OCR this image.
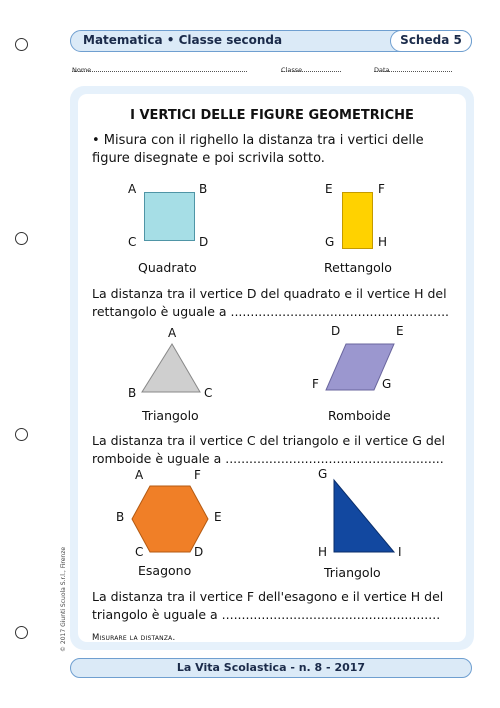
Matematica • Classe seconda	Scheda 5
Nome	Classe	Data
I VERTICI DELLE FIGURE GEOMETRICHE
• Misura con il righello la distanza tra i vertici delle figure disegnate e poi scrivila sotto.
A	B
C	D
Quadrato
E	F
G	H
Rettangolo
La distanza tra il vertice D del quadrato e il vertice H del rettangolo è uguale a .......................................................
A
B	C
Triangolo
D	E
F	G
Romboide
La distanza tra il vertice C del triangolo e il vertice G del romboide è uguale a .......................................................
A	F
B	E
C	D
Esagono
G
H	I
Triangolo
La distanza tra il vertice F dell'esagono e il vertice H del triangolo è uguale a .......................................................
Misurare la distanza.
© 2017 Giunti Scuola S.r.l., Firenze
La Vita Scolastica - n. 8 - 2017
